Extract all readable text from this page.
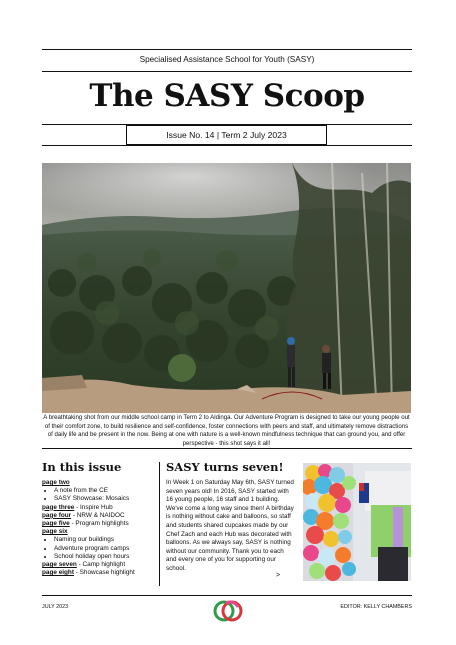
Specialised Assistance School for Youth (SASY)
The SASY Scoop
Issue No. 14 | Term 2 July 2023
A breathtaking shot from our middle school camp in Term 2 to Aldinga. Our Adventure Program is designed to take our young people out of their comfort zone, to build resilience and self-confidence, foster connections with peers and staff, and ultimately remove distractions of daily life and be present in the now. Being at one with nature is a well-known mindfulness technique that can ground you, and offer perspective - this shot says it all!
In this issue
page two
• A note from the CE
• SASY Showcase: Mosaics
page three - Inspire Hub
page four - NRW & NAIDOC
page five - Program highlights
page six
• Naming our buildings
• Adventure program camps
• School holiday open hours
page seven - Camp highlight
page eight - Showcase highlight
SASY turns seven!
In Week 1 on Saturday May 6th, SASY turned seven years old! In 2016, SASY started with 16 young people, 16 staff and 1 building. We've come a long way since then! A birthday is nothing without cake and balloons, so staff and students shared cupcakes made by our Chef Zach and each Hub was decorated with balloons. As we always say, SASY is nothing without our community. Thank you to each and every one of you for supporting our school.
>
JULY 2023	EDITOR: KELLY CHAMBERS
